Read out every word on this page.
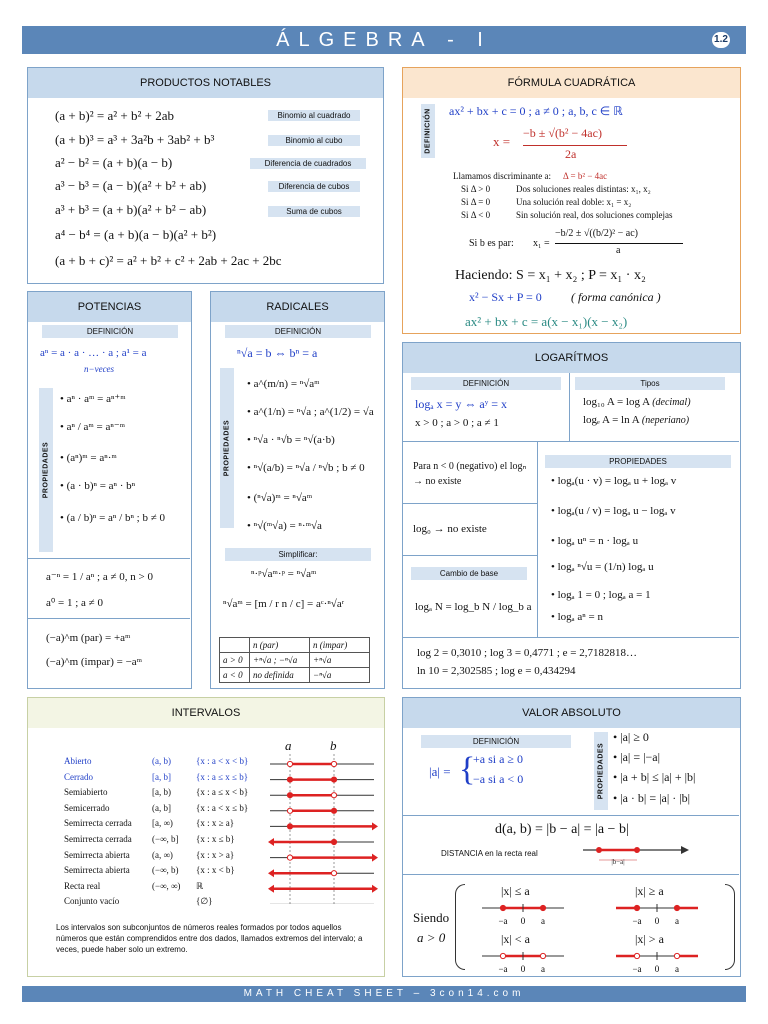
ÁLGEBRA - I	1.2
PRODUCTOS NOTABLES
(a + b)² = a² + b² + 2ab	Binomio al cuadrado
(a + b)³ = a³ + 3a²b + 3ab² + b³	Binomio al cubo
a² − b² = (a + b)(a − b)	Diferencia de cuadrados
a³ − b³ = (a − b)(a² + b² + ab)	Diferencia de cubos
a³ + b³ = (a + b)(a² + b² − ab)	Suma de cubos
a⁴ − b⁴ = (a + b)(a − b)(a² + b²)
(a + b + c)² = a² + b² + c² + 2ab + 2ac + 2bc
FÓRMULA CUADRÁTICA
DEFINICIÓN ax² + bx + c = 0 ; a ≠ 0 ; a, b, c ∈ ℝ
x =
−b ± √(b² − 4ac)
2a
Llamamos discriminante a: Δ = b² − 4ac
Si Δ > 0	Dos soluciones reales distintas: x₁, x₂
Si Δ = 0	Una solución real doble: x₁ = x₂
Si Δ < 0	Sin solución real, dos soluciones complejas
Si b es par: x₁ =
−b/2 ± √((b/2)² − ac)
a
Haciendo: S = x₁ + x₂ ; P = x₁ · x₂
x² − Sx + P = 0 ( forma canónica )
ax² + bx + c = a(x − x₁)(x − x₂)
POTENCIAS
DEFINICIÓN
aⁿ = a · a · … · a ; a¹ = a
n−veces
PROPIEDADES
• aⁿ · aᵐ = aⁿ⁺ᵐ
• aⁿ / aᵐ = aⁿ⁻ᵐ
• (aⁿ)ᵐ = aⁿ·ᵐ
• (a · b)ⁿ = aⁿ · bⁿ
• (a / b)ⁿ = aⁿ / bⁿ ; b ≠ 0
a⁻ⁿ = 1 / aⁿ ; a ≠ 0, n > 0
a⁰ = 1 ; a ≠ 0
(−a)^m (par) = +aᵐ
(−a)^m (impar) = −aᵐ
RADICALES
DEFINICIÓN
ⁿ√a = b ⇔ bⁿ = a
PROPIEDADES
• a^(m/n) = ⁿ√aᵐ
• a^(1/n) = ⁿ√a ; a^(1/2) = √a
• ⁿ√a · ⁿ√b = ⁿ√(a·b)
• ⁿ√(a/b) = ⁿ√a / ⁿ√b ; b ≠ 0
• (ⁿ√a)ᵐ = ⁿ√aᵐ
• ⁿ√(ᵐ√a) = ⁿ·ᵐ√a
Simplificar:
ⁿ·ᵖ√aᵐ·ᵖ = ⁿ√aᵐ
ⁿ√aᵐ = [m / r n / c] = aᶜ·ⁿ√aʳ
	n (par)	n (impar)
a > 0	+ⁿ√a ; −ⁿ√a	+ⁿ√a
a < 0	no definida	−ⁿ√a
LOGARÍTMOS
DEFINICIÓN
logₐ x = y ⇔ aʸ = x
x > 0 ; a > 0 ; a ≠ 1
Tipos
log₁₀ A = log A (decimal)
logₑ A = ln A (neperiano)
Para n < 0 (negativo) el logₙ → no existe
log₀ → no existe
Cambio de base
logₐ N = log_b N / log_b a
PROPIEDADES
• logₐ(u · v) = logₐ u + logₐ v
• logₐ(u / v) = logₐ u − logₐ v
• logₐ uⁿ = n · logₐ u
• logₐ ⁿ√u = (1/n) logₐ u
• logₐ 1 = 0 ; logₐ a = 1
• logₐ aⁿ = n
log 2 = 0,3010 ; log 3 = 0,4771 ; e = 2,7182818…
ln 10 = 2,302585 ; log e = 0,434294
INTERVALOS
a	b
Abierto	(a, b)	{x : a < x < b}
Cerrado	[a, b]	{x : a ≤ x ≤ b}
Semiabierto	[a, b)	{x : a ≤ x < b}
Semicerrado	(a, b]	{x : a < x ≤ b}
Semirrecta cerrada [a, ∞)	{x : x ≥ a}
Semirrecta cerrada (−∞, b] {x : x ≤ b}
Semirrecta abierta (a, ∞)	{x : x > a}
Semirrecta abierta (−∞, b) {x : x < b}
Recta real	(−∞, ∞) ℝ
Conjunto vacío	{∅}
Los intervalos son subconjuntos de números reales formados por todos aquellos números que están comprendidos entre dos dados, llamados extremos del intervalo; a veces, puede haber solo un extremo.
VALOR ABSOLUTO
DEFINICIÓN
|a| = {
+a si a ≥ 0
−a si a < 0	PROPIEDADES
• |a| ≥ 0
• |a| = |−a|
• |a + b| ≤ |a| + |b|
• |a · b| = |a| · |b|
d(a, b) = |b − a| = |a − b|
DISTANCIA en la recta real
|b−a|
Siendo
a > 0
|x| ≤ a
−a 0 a
|x| ≥ a
−a 0 a
|x| < a
−a 0 a
|x| > a
−a 0 a
MATH CHEAT SHEET – 3con14.com
